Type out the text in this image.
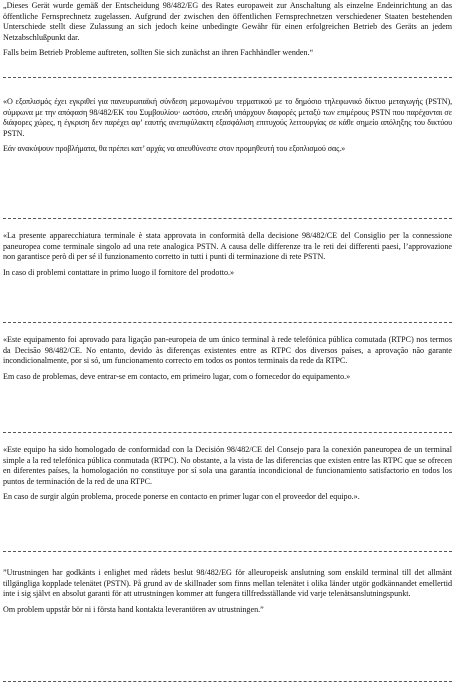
„Dieses Gerät wurde gemäß der Entscheidung 98/482/EG des Rates europaweit zur Anschaltung als einzelne Endeinrichtung an das öffentliche Fernsprechnetz zugelassen. Aufgrund der zwischen den öffentlichen Fernsprechnetzen verschiedener Staaten bestehenden Unterschiede stellt diese Zulassung an sich jedoch keine unbedingte Gewähr für einen erfolgreichen Betrieb des Geräts an jedem Netzabschlußpunkt dar.

Falls beim Betrieb Probleme auftreten, sollten Sie sich zunächst an ihren Fachhändler wenden.“

«Ο εξοπλισμός έχει εγκριθεί για πανευρωπαϊκή σύνδεση μεμονωμένου τερματικού με το δημόσιο τηλεφωνικό δίκτυο μεταγωγής (PSTN), σύμφωνα με την απόφαση 98/482/ΕΚ του Συμβουλίου· ωστόσο, επειδή υπάρχουν διαφορές μεταξύ των επιμέρους PSTN που παρέχονται σε διάφορες χώρες, η έγκριση δεν παρέχει αφ’ εαυτής ανεπιφύλακτη εξασφάλιση επιτυχούς λειτουργίας σε κάθε σημείο απόληξης του δικτύου PSTN.

Εάν ανακύψουν προβλήματα, θα πρέπει κατ’ αρχάς να απευθύνεστε στον προμηθευτή του εξοπλισμού σας.»

«La presente apparecchiatura terminale è stata approvata in conformità della decisione 98/482/CE del Consiglio per la connessione paneuropea come terminale singolo ad una rete analogica PSTN. A causa delle differenze tra le reti dei differenti paesi, l’approvazione non garantisce però di per sé il funzionamento corretto in tutti i punti di terminazione di rete PSTN.

In caso di problemi contattare in primo luogo il fornitore del prodotto.»

«Este equipamento foi aprovado para ligação pan-europeia de um único terminal à rede telefónica pública comutada (RTPC) nos termos da Decisão 98/482/CE. No entanto, devido às diferenças existentes entre as RTPC dos diversos países, a aprovação não garante incondicionalmente, por si só, um funcionamento correcto em todos os pontos terminais da rede da RTPC.

Em caso de problemas, deve entrar-se em contacto, em primeiro lugar, com o fornecedor do equipamento.»

«Este equipo ha sido homologado de conformidad con la Decisión 98/482/CE del Consejo para la conexión paneuropea de un terminal simple a la red telefónica pública conmutada (RTPC). No obstante, a la vista de las diferencias que existen entre las RTPC que se ofrecen en diferentes países, la homologación no constituye por sí sola una garantía incondicional de funcionamiento satisfactorio en todos los puntos de terminación de la red de una RTPC.

En caso de surgir algún problema, procede ponerse en contacto en primer lugar con el proveedor del equipo.».

”Utrustningen har godkänts i enlighet med rådets beslut 98/482/EG för alleuropeisk anslutning som enskild terminal till det allmänt tillgängliga kopplade telenätet (PSTN). På grund av de skillnader som finns mellan telenätet i olika länder utgör godkännandet emellertid inte i sig självt en absolut garanti för att utrustningen kommer att fungera tillfredsställande vid varje telenätsanslutningspunkt.

Om problem uppstår bör ni i första hand kontakta leverantören av utrustningen.”
